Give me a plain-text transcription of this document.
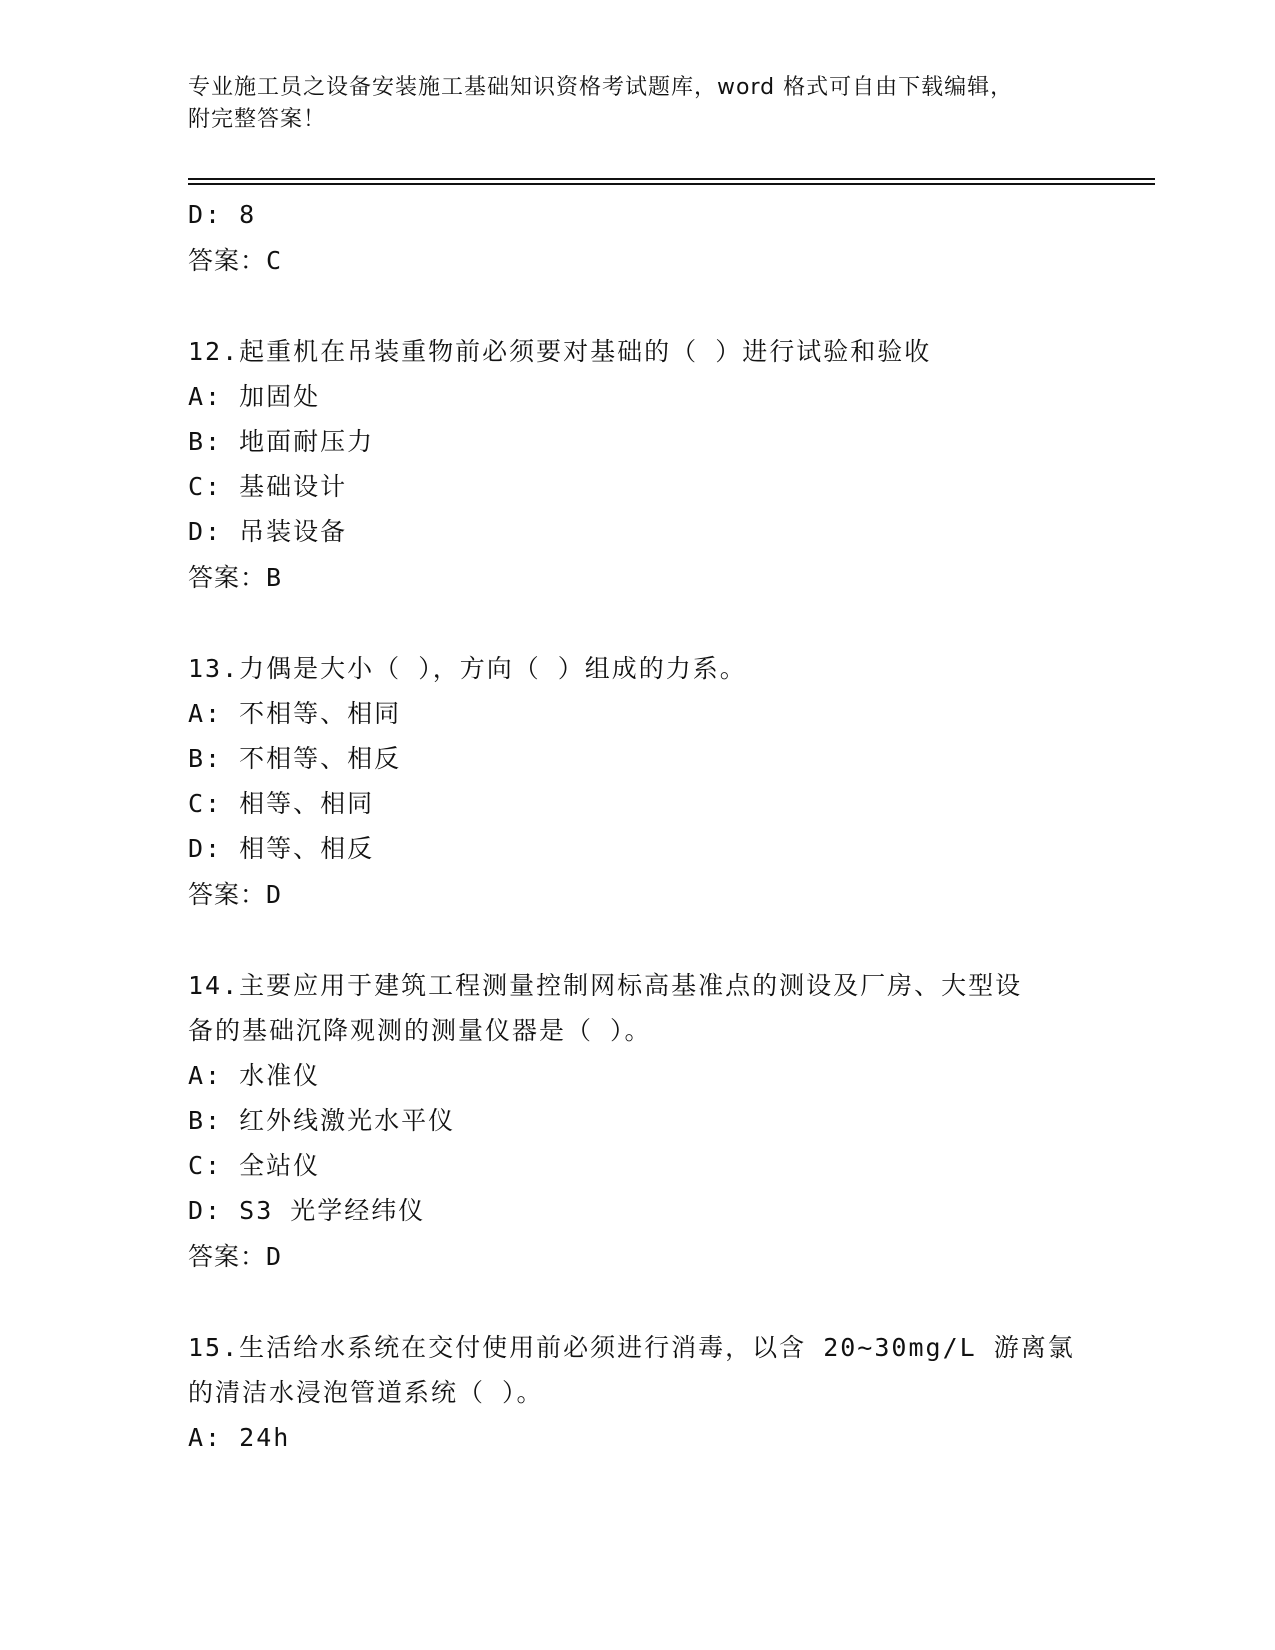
专业施工员之设备安装施工基础知识资格考试题库，word 格式可自由下载编辑，
附完整答案！
D: 8
答案：C
12.起重机在吊装重物前必须要对基础的（ ）进行试验和验收
A: 加固处
B: 地面耐压力
C: 基础设计
D: 吊装设备
答案：B
13.力偶是大小（ ），方向（ ）组成的力系。
A: 不相等、相同
B: 不相等、相反
C: 相等、相同
D: 相等、相反
答案：D
14.主要应用于建筑工程测量控制网标高基准点的测设及厂房、大型设
备的基础沉降观测的测量仪器是（ ）。
A: 水准仪
B: 红外线激光水平仪
C: 全站仪
D: S3 光学经纬仪
答案：D
15.生活给水系统在交付使用前必须进行消毒，以含 20~30mg/L 游离氯
的清洁水浸泡管道系统（ ）。
A: 24h
